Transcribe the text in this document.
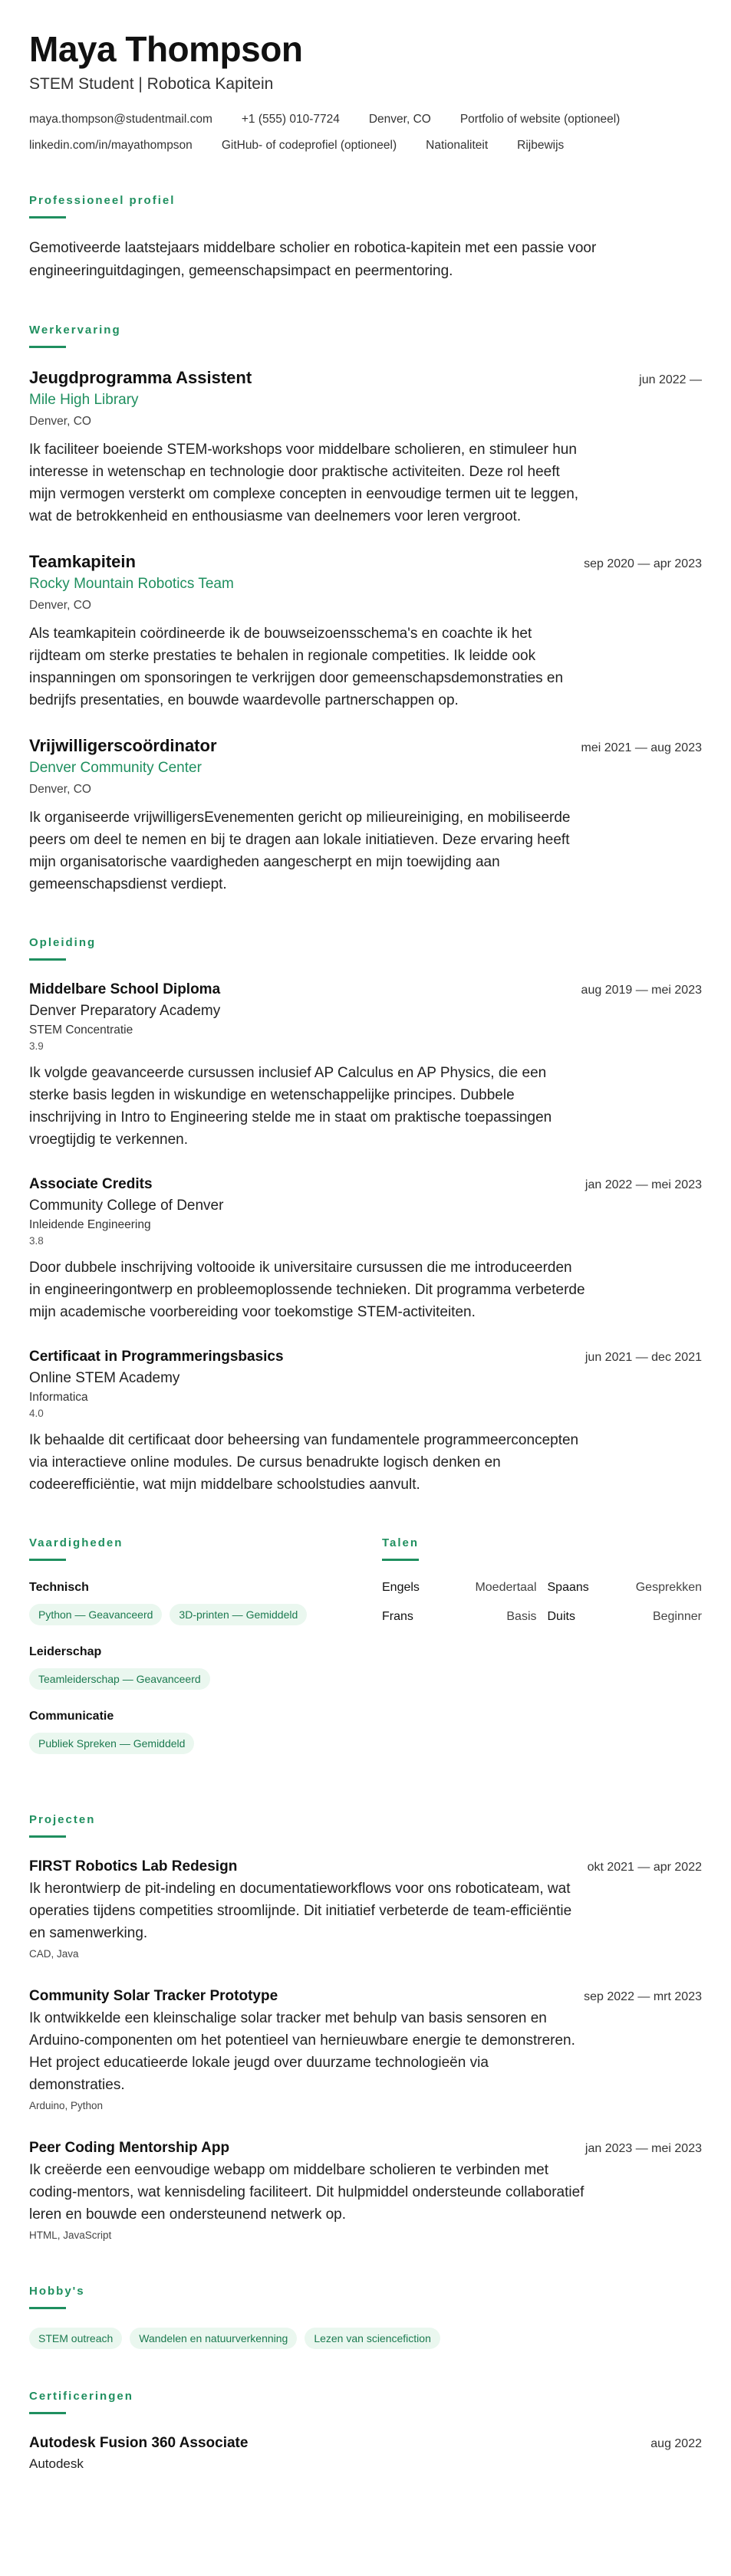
Maya Thompson
STEM Student | Robotica Kapitein
maya.thompson@studentmail.com +1 (555) 010-7724 Denver, CO Portfolio of website (optioneel)
linkedin.com/in/mayathompson GitHub- of codeprofiel (optioneel) Nationaliteit Rijbewijs
Professioneel profiel

Gemotiveerde laatstejaars middelbare scholier en robotica-kapitein met een passie voor engineeringuitdagingen, gemeenschapsimpact en peermentoring.

Werkervaring
Jeugdprogramma Assistent	jun 2022 —
Mile High Library
Denver, CO

Ik faciliteer boeiende STEM-workshops voor middelbare scholieren, en stimuleer hun interesse in wetenschap en technologie door praktische activiteiten. Deze rol heeft mijn vermogen versterkt om complexe concepten in eenvoudige termen uit te leggen, wat de betrokkenheid en enthousiasme van deelnemers voor leren vergroot.

Teamkapitein	sep 2020 — apr 2023
Rocky Mountain Robotics Team
Denver, CO

Als teamkapitein coördineerde ik de bouwseizoensschema's en coachte ik het rijdteam om sterke prestaties te behalen in regionale competities. Ik leidde ook inspanningen om sponsoringen te verkrijgen door gemeenschapsdemonstraties en bedrijfs presentaties, en bouwde waardevolle partnerschappen op.

Vrijwilligerscoördinator	mei 2021 — aug 2023
Denver Community Center
Denver, CO

Ik organiseerde vrijwilligersEvenementen gericht op milieureiniging, en mobiliseerde peers om deel te nemen en bij te dragen aan lokale initiatieven. Deze ervaring heeft mijn organisatorische vaardigheden aangescherpt en mijn toewijding aan gemeenschapsdienst verdiept.

Opleiding
Middelbare School Diploma	aug 2019 — mei 2023
Denver Preparatory Academy
STEM Concentratie
3.9

Ik volgde geavanceerde cursussen inclusief AP Calculus en AP Physics, die een sterke basis legden in wiskundige en wetenschappelijke principes. Dubbele inschrijving in Intro to Engineering stelde me in staat om praktische toepassingen vroegtijdig te verkennen.

Associate Credits	jan 2022 — mei 2023
Community College of Denver
Inleidende Engineering
3.8

Door dubbele inschrijving voltooide ik universitaire cursussen die me introduceerden in engineeringontwerp en probleemoplossende technieken. Dit programma verbeterde mijn academische voorbereiding voor toekomstige STEM-activiteiten.

Certificaat in Programmeringsbasics	jun 2021 — dec 2021
Online STEM Academy
Informatica
4.0

Ik behaalde dit certificaat door beheersing van fundamentele programmeerconcepten via interactieve online modules. De cursus benadrukte logisch denken en codeerefficiëntie, wat mijn middelbare schoolstudies aanvult.

Vaardigheden
Technisch
Python — Geavanceerd	3D-printen — Gemiddeld
Leiderschap
Teamleiderschap — Geavanceerd
Communicatie
Publiek Spreken — Gemiddeld
Talen
Engels	Moedertaal Spaans	Gesprekken
Frans	Basis Duits	Beginner
Projecten
FIRST Robotics Lab Redesign	okt 2021 — apr 2022

Ik herontwierp de pit-indeling en documentatieworkflows voor ons roboticateam, wat operaties tijdens competities stroomlijnde. Dit initiatief verbeterde de team-efficiëntie en samenwerking.

CAD, Java
Community Solar Tracker Prototype	sep 2022 — mrt 2023

Ik ontwikkelde een kleinschalige solar tracker met behulp van basis sensoren en Arduino-componenten om het potentieel van hernieuwbare energie te demonstreren. Het project educatieerde lokale jeugd over duurzame technologieën via demonstraties.

Arduino, Python
Peer Coding Mentorship App	jan 2023 — mei 2023

Ik creëerde een eenvoudige webapp om middelbare scholieren te verbinden met coding-mentors, wat kennisdeling faciliteert. Dit hulpmiddel ondersteunde collaboratief leren en bouwde een ondersteunend netwerk op.

HTML, JavaScript
Hobby's
STEM outreach	Wandelen en natuurverkenning	Lezen van sciencefiction
Certificeringen
Autodesk Fusion 360 Associate	aug 2022
Autodesk
